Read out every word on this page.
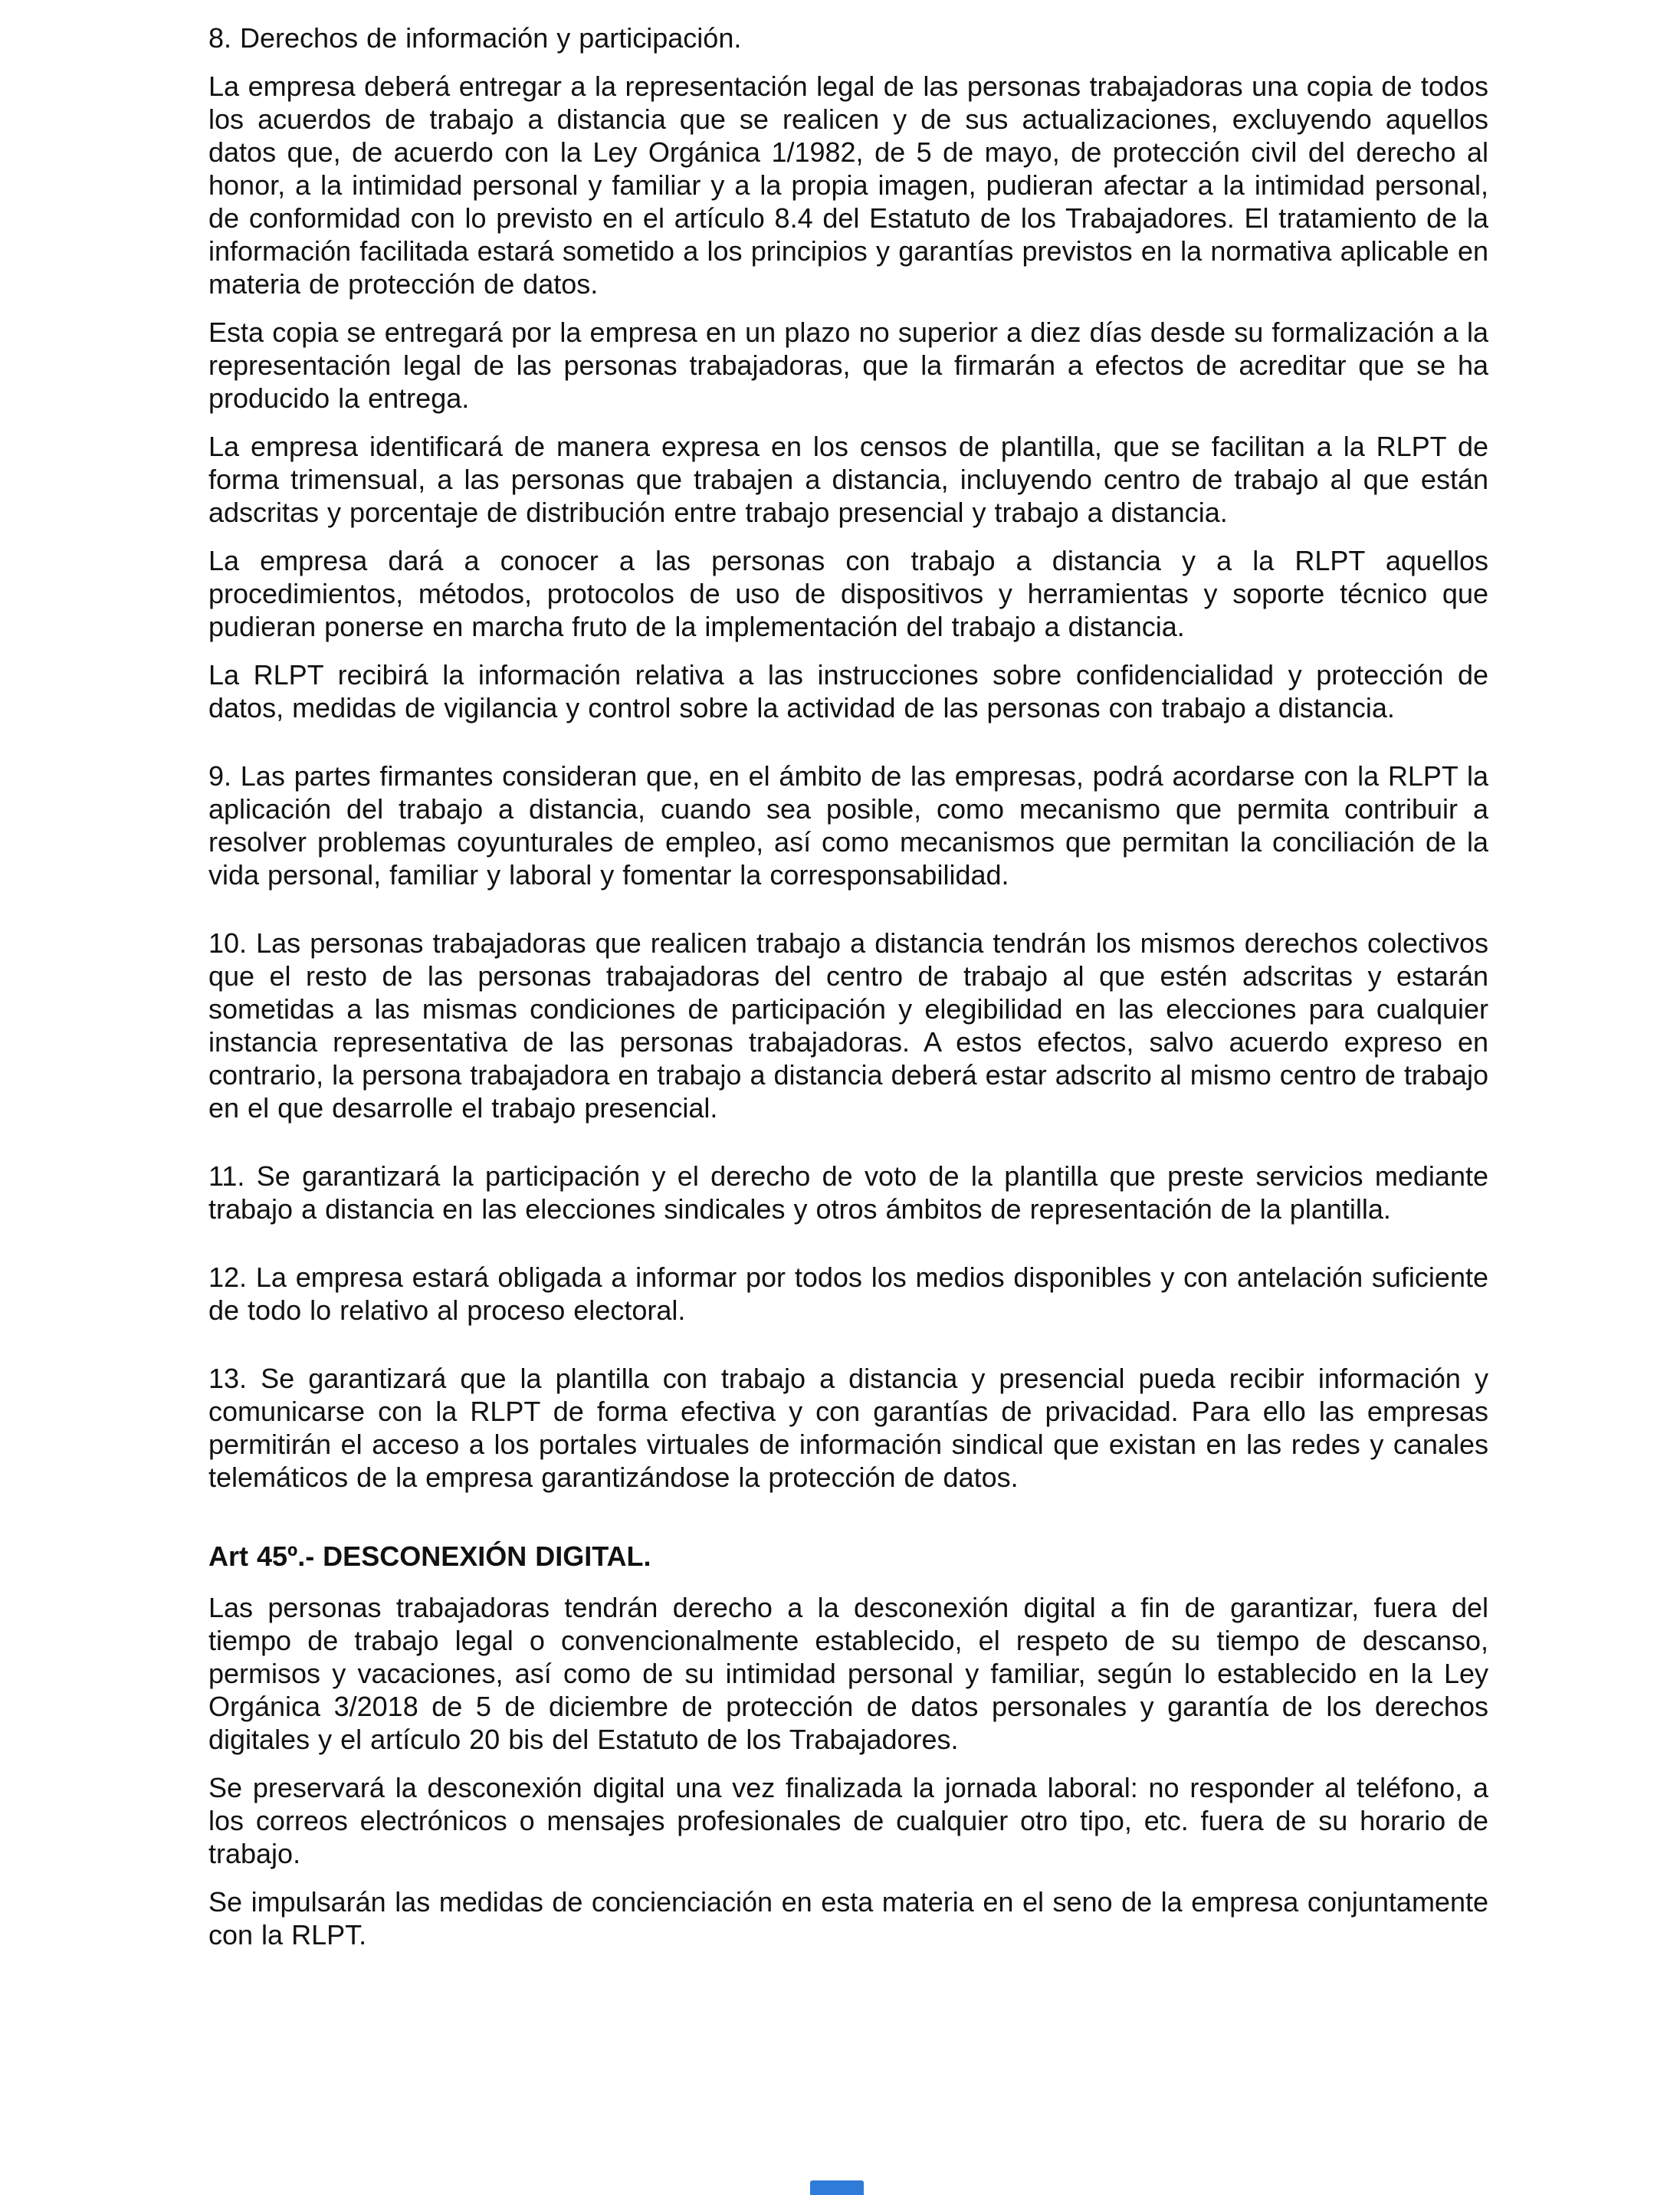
8. Derechos de información y participación.

La empresa deberá entregar a la representación legal de las personas trabajadoras una copia de todos los acuerdos de trabajo a distancia que se realicen y de sus actualizaciones, excluyendo aquellos datos que, de acuerdo con la Ley Orgánica 1/1982, de 5 de mayo, de protección civil del derecho al honor, a la intimidad personal y familiar y a la propia imagen, pudieran afectar a la intimidad personal, de conformidad con lo previsto en el artículo 8.4 del Estatuto de los Trabajadores. El tratamiento de la información facilitada estará sometido a los principios y garantías previstos en la normativa aplicable en materia de protección de datos.

Esta copia se entregará por la empresa en un plazo no superior a diez días desde su formalización a la representación legal de las personas trabajadoras, que la firmarán a efectos de acreditar que se ha producido la entrega.

La empresa identificará de manera expresa en los censos de plantilla, que se facilitan a la RLPT de forma trimensual, a las personas que trabajen a distancia, incluyendo centro de trabajo al que están adscritas y porcentaje de distribución entre trabajo presencial y trabajo a distancia.

La empresa dará a conocer a las personas con trabajo a distancia y a la RLPT aquellos procedimientos, métodos, protocolos de uso de dispositivos y herramientas y soporte técnico que pudieran ponerse en marcha fruto de la implementación del trabajo a distancia.

La RLPT recibirá la información relativa a las instrucciones sobre confidencialidad y protección de datos, medidas de vigilancia y control sobre la actividad de las personas con trabajo a distancia.

9. Las partes firmantes consideran que, en el ámbito de las empresas, podrá acordarse con la RLPT la aplicación del trabajo a distancia, cuando sea posible, como mecanismo que permita contribuir a resolver problemas coyunturales de empleo, así como mecanismos que permitan la conciliación de la vida personal, familiar y laboral y fomentar la corresponsabilidad.

10. Las personas trabajadoras que realicen trabajo a distancia tendrán los mismos derechos colectivos que el resto de las personas trabajadoras del centro de trabajo al que estén adscritas y estarán sometidas a las mismas condiciones de participación y elegibilidad en las elecciones para cualquier instancia representativa de las personas trabajadoras. A estos efectos, salvo acuerdo expreso en contrario, la persona trabajadora en trabajo a distancia deberá estar adscrito al mismo centro de trabajo en el que desarrolle el trabajo presencial.

11. Se garantizará la participación y el derecho de voto de la plantilla que preste servicios mediante trabajo a distancia en las elecciones sindicales y otros ámbitos de representación de la plantilla.

12. La empresa estará obligada a informar por todos los medios disponibles y con antelación suficiente de todo lo relativo al proceso electoral.

13. Se garantizará que la plantilla con trabajo a distancia y presencial pueda recibir información y comunicarse con la RLPT de forma efectiva y con garantías de privacidad. Para ello las empresas permitirán el acceso a los portales virtuales de información sindical que existan en las redes y canales telemáticos de la empresa garantizándose la protección de datos.

Art 45º.- DESCONEXIÓN DIGITAL.

Las personas trabajadoras tendrán derecho a la desconexión digital a fin de garantizar, fuera del tiempo de trabajo legal o convencionalmente establecido, el respeto de su tiempo de descanso, permisos y vacaciones, así como de su intimidad personal y familiar, según lo establecido en la Ley Orgánica 3/2018 de 5 de diciembre de protección de datos personales y garantía de los derechos digitales y el artículo 20 bis del Estatuto de los Trabajadores.

Se preservará la desconexión digital una vez finalizada la jornada laboral: no responder al teléfono, a los correos electrónicos o mensajes profesionales de cualquier otro tipo, etc. fuera de su horario de trabajo.

Se impulsarán las medidas de concienciación en esta materia en el seno de la empresa conjuntamente con la RLPT.
